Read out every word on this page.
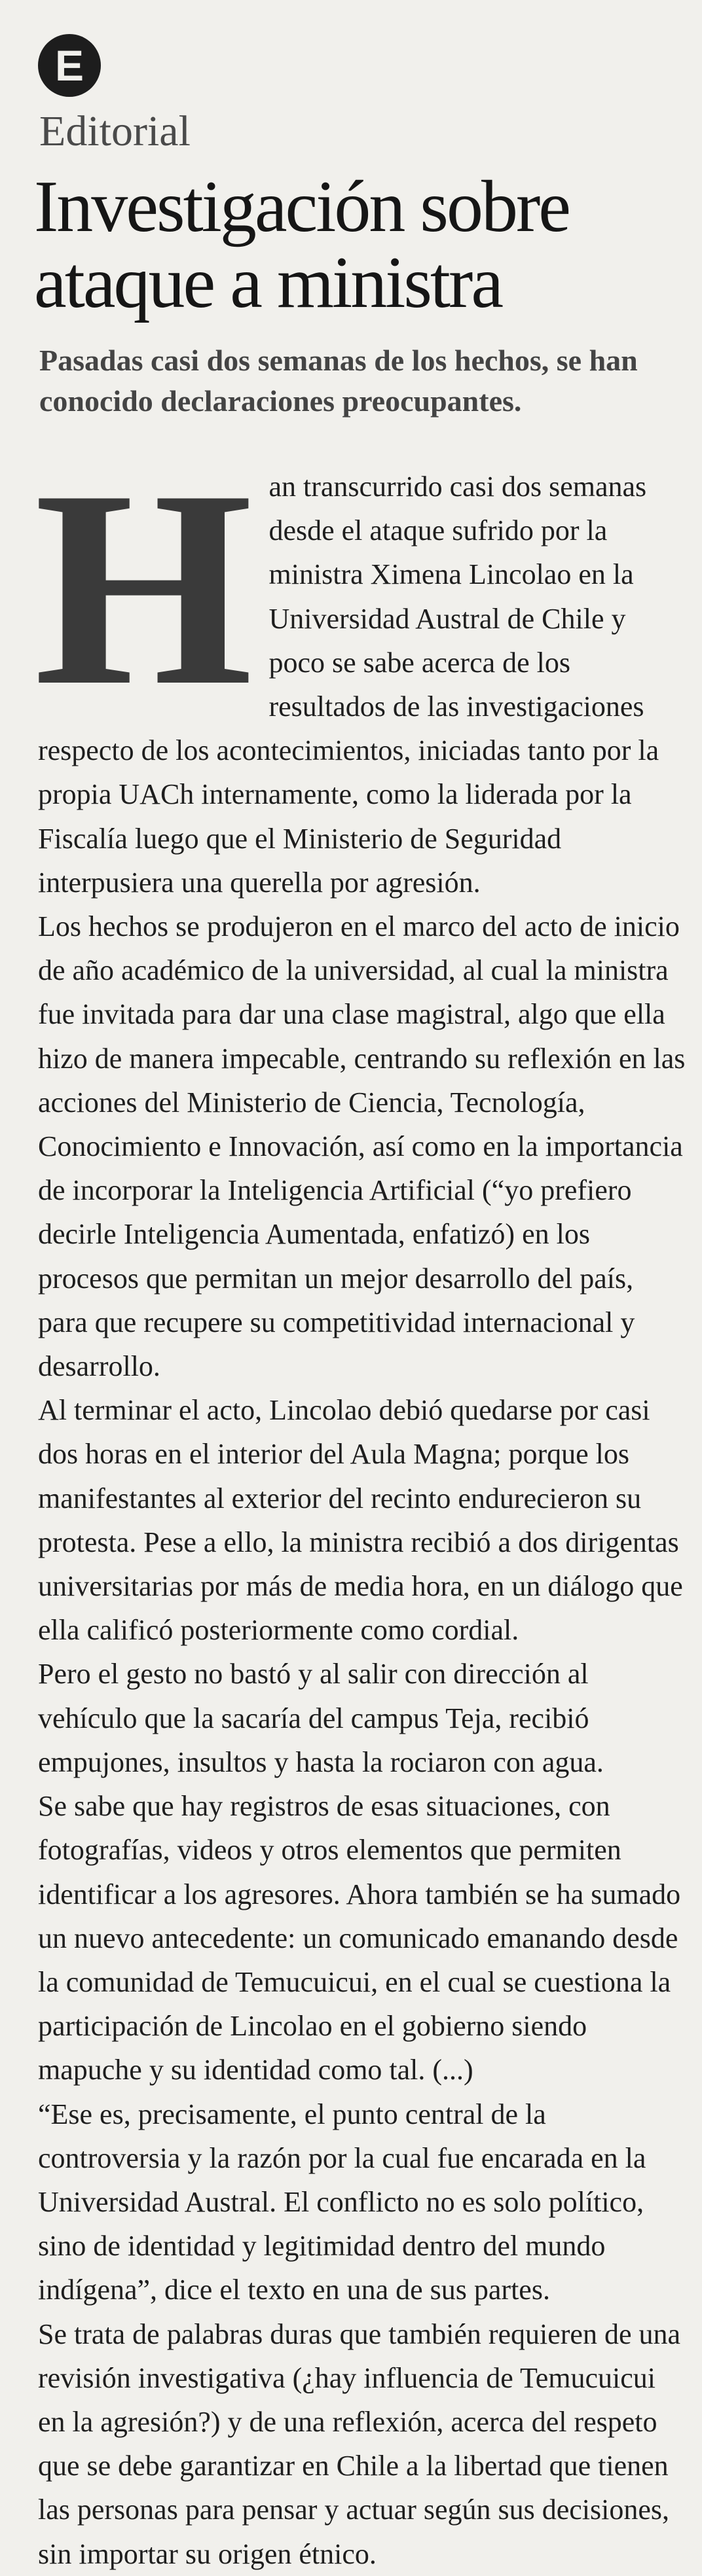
E
Editorial
Investigación sobre ataque a ministra

Pasadas casi dos semanas de los hechos, se han conocido declaraciones preocupantes.

H an transcurrido casi dos semanas desde el ataque sufrido por la ministra Ximena Lincolao en la Universidad Austral de Chile y poco se sabe acerca de los resultados de las investigaciones respecto de los acontecimientos, iniciadas tanto por la propia UACh internamente, como la liderada por la Fiscalía luego que el Ministerio de Seguridad interpusiera una querella por agresión.

Los hechos se produjeron en el marco del acto de inicio de año académico de la universidad, al cual la ministra fue invitada para dar una clase magistral, algo que ella hizo de manera impecable, centrando su reflexión en las acciones del Ministerio de Ciencia, Tecnología, Conocimiento e Innovación, así como en la importancia de incorporar la Inteligencia Artificial (“yo prefiero decirle Inteligencia Aumentada, enfatizó) en los procesos que permitan un mejor desarrollo del país, para que recupere su competitividad internacional y desarrollo.

Al terminar el acto, Lincolao debió quedarse por casi dos horas en el interior del Aula Magna; porque los manifestantes al exterior del recinto endurecieron su protesta. Pese a ello, la ministra recibió a dos dirigentas universitarias por más de media hora, en un diálogo que ella calificó posteriormente como cordial.

Pero el gesto no bastó y al salir con dirección al vehículo que la sacaría del campus Teja, recibió empujones, insultos y hasta la rociaron con agua.

Se sabe que hay registros de esas situaciones, con fotografías, videos y otros elementos que permiten identificar a los agresores. Ahora también se ha sumado un nuevo antecedente: un comunicado emanando desde la comunidad de Temucuicui, en el cual se cuestiona la participación de Lincolao en el gobierno siendo mapuche y su identidad como tal. (...)

“Ese es, precisamente, el punto central de la controversia y la razón por la cual fue encarada en la Universidad Austral. El conflicto no es solo político, sino de identidad y legitimidad dentro del mundo indígena”, dice el texto en una de sus partes.

Se trata de palabras duras que también requieren de una revisión investigativa (¿hay influencia de Temucuicui en la agresión?) y de una reflexión, acerca del respeto que se debe garantizar en Chile a la libertad que tienen las personas para pensar y actuar según sus decisiones, sin importar su origen étnico.
